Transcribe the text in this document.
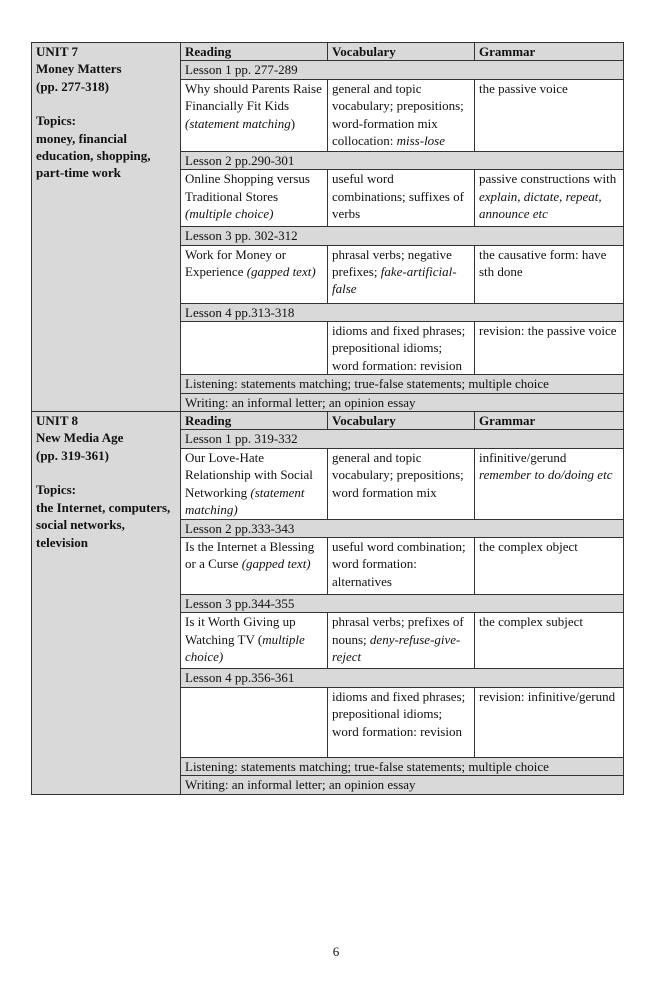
UNIT 7
Money Matters
(pp. 277-318)
Topics:
money, financial education, shopping, part-time work	Reading	Vocabulary	Grammar
	Lesson 1 pp. 277-289		
	Why should Parents Raise Financially Fit Kids (statement matching)	general and topic vocabulary; prepositions; word-formation mix collocation: miss-lose	the passive voice
	Lesson 2 pp.290-301		
	Online Shopping versus Traditional Stores (multiple choice)	useful word combinations; suffixes of verbs	passive constructions with explain, dictate, repeat, announce etc
	Lesson 3 pp. 302-312		
	Work for Money or Experience (gapped text)	phrasal verbs; negative prefixes; fake-artificial-false	the causative form: have sth done
	Lesson 4 pp.313-318		
		idioms and fixed phrases; prepositional idioms; word formation: revision	revision: the passive voice
	Listening: statements matching; true-false statements; multiple choice		
	Writing: an informal letter; an opinion essay		
UNIT 8
New Media Age
(pp. 319-361)
Topics:
the Internet, computers, social networks, television	Reading	Vocabulary	Grammar
	Lesson 1 pp. 319-332		
	Our Love-Hate Relationship with Social Networking (statement matching)	general and topic vocabulary; prepositions; word formation mix	infinitive/gerund remember to do/doing etc
	Lesson 2 pp.333-343		
	Is the Internet a Blessing or a Curse (gapped text)	useful word combination; word formation: alternatives	the complex object
	Lesson 3 pp.344-355		
	Is it Worth Giving up Watching TV (multiple choice)	phrasal verbs; prefixes of nouns; deny-refuse-give-reject	the complex subject
	Lesson 4 pp.356-361		
		idioms and fixed phrases; prepositional idioms; word formation: revision	revision: infinitive/gerund
	Listening: statements matching; true-false statements; multiple choice		
	Writing: an informal letter; an opinion essay		
6
